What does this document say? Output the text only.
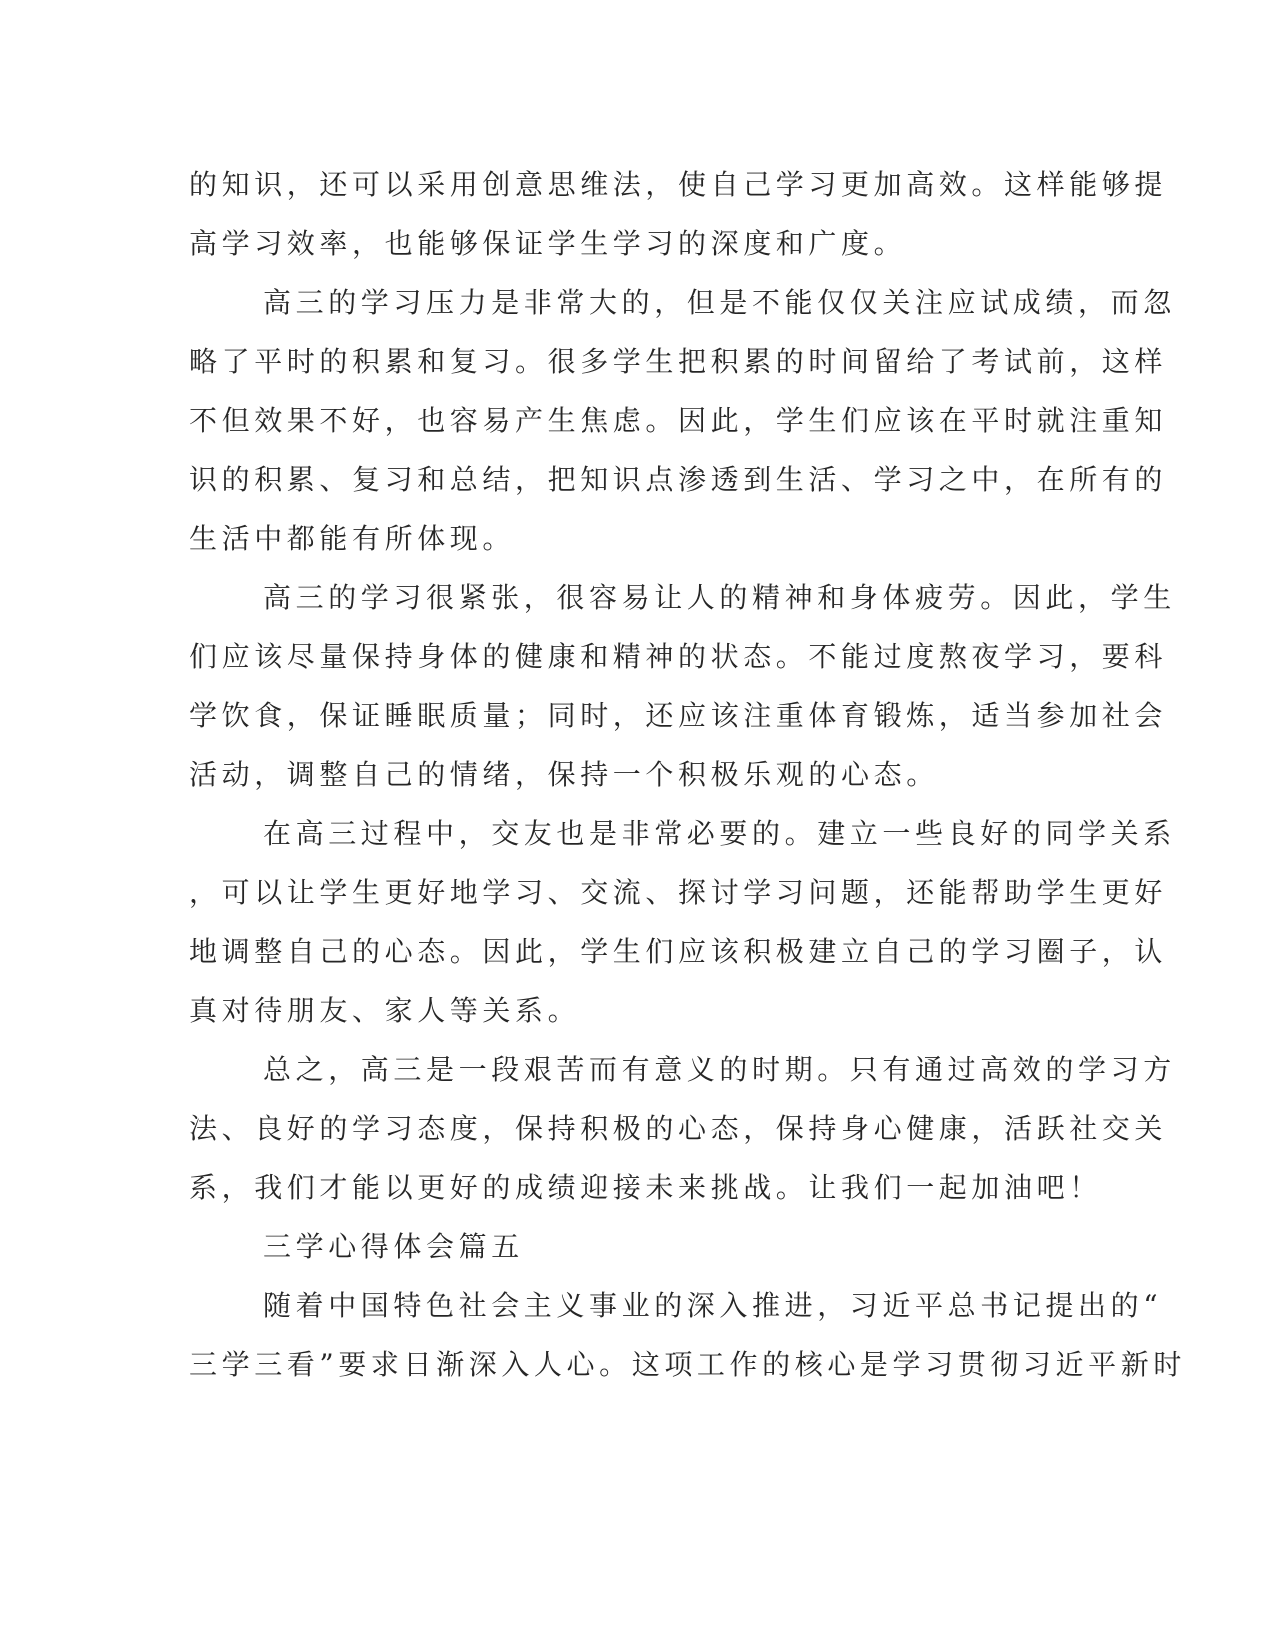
的知识，还可以采用创意思维法，使自己学习更加高效。这样能够提
高学习效率，也能够保证学生学习的深度和广度。
高三的学习压力是非常大的，但是不能仅仅关注应试成绩，而忽
略了平时的积累和复习。很多学生把积累的时间留给了考试前，这样
不但效果不好，也容易产生焦虑。因此，学生们应该在平时就注重知
识的积累、复习和总结，把知识点渗透到生活、学习之中，在所有的
生活中都能有所体现。
高三的学习很紧张，很容易让人的精神和身体疲劳。因此，学生
们应该尽量保持身体的健康和精神的状态。不能过度熬夜学习，要科
学饮食，保证睡眠质量；同时，还应该注重体育锻炼，适当参加社会
活动，调整自己的情绪，保持一个积极乐观的心态。
在高三过程中，交友也是非常必要的。建立一些良好的同学关系
，可以让学生更好地学习、交流、探讨学习问题，还能帮助学生更好
地调整自己的心态。因此，学生们应该积极建立自己的学习圈子，认
真对待朋友、家人等关系。
总之，高三是一段艰苦而有意义的时期。只有通过高效的学习方
法、良好的学习态度，保持积极的心态，保持身心健康，活跃社交关
系，我们才能以更好的成绩迎接未来挑战。让我们一起加油吧！
三学心得体会篇五
随着中国特色社会主义事业的深入推进，习近平总书记提出的“
三学三看”要求日渐深入人心。这项工作的核心是学习贯彻习近平新时
